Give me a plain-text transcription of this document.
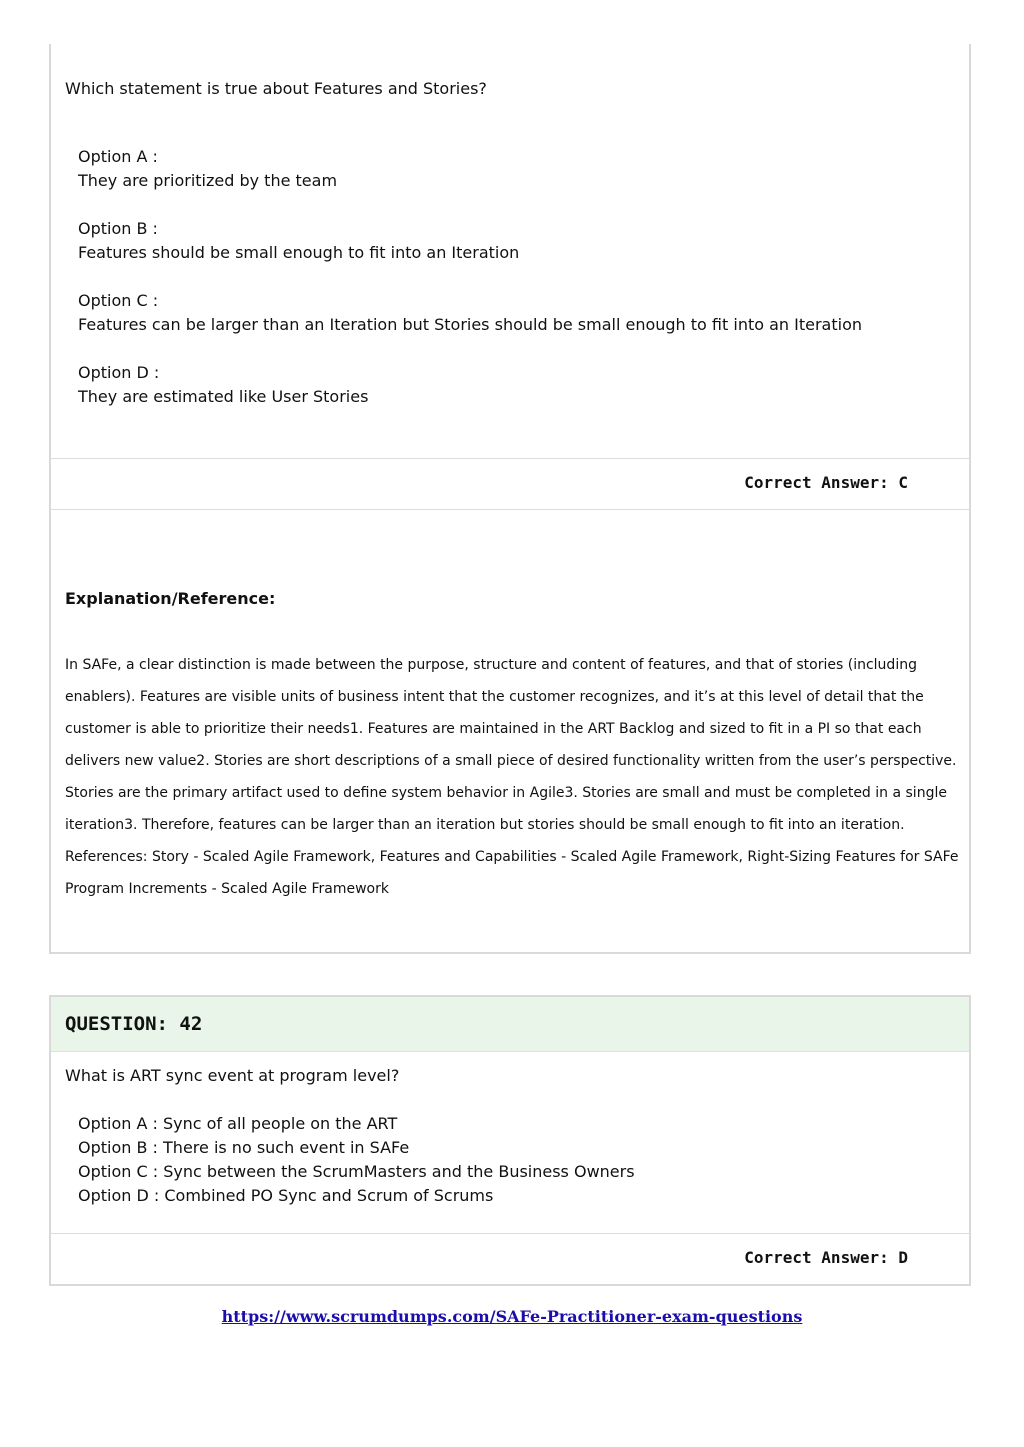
Which statement is true about Features and Stories?
Option A :
They are prioritized by the team
Option B :
Features should be small enough to fit into an Iteration
Option C :
Features can be larger than an Iteration but Stories should be small enough to fit into an Iteration
Option D :
They are estimated like User Stories
Correct Answer: C
Explanation/Reference:
In SAFe, a clear distinction is made between the purpose, structure and content of features, and that of stories (including
enablers). Features are visible units of business intent that the customer recognizes, and it’s at this level of detail that the
customer is able to prioritize their needs1. Features are maintained in the ART Backlog and sized to fit in a PI so that each
delivers new value2. Stories are short descriptions of a small piece of desired functionality written from the user’s perspective.
Stories are the primary artifact used to define system behavior in Agile3. Stories are small and must be completed in a single
iteration3. Therefore, features can be larger than an iteration but stories should be small enough to fit into an iteration.
References: Story - Scaled Agile Framework, Features and Capabilities - Scaled Agile Framework, Right-Sizing Features for SAFe
Program Increments - Scaled Agile Framework
QUESTION: 42
What is ART sync event at program level?
Option A : Sync of all people on the ART
Option B : There is no such event in SAFe
Option C : Sync between the ScrumMasters and the Business Owners
Option D : Combined PO Sync and Scrum of Scrums
Correct Answer: D
https://www.scrumdumps.com/SAFe-Practitioner-exam-questions
